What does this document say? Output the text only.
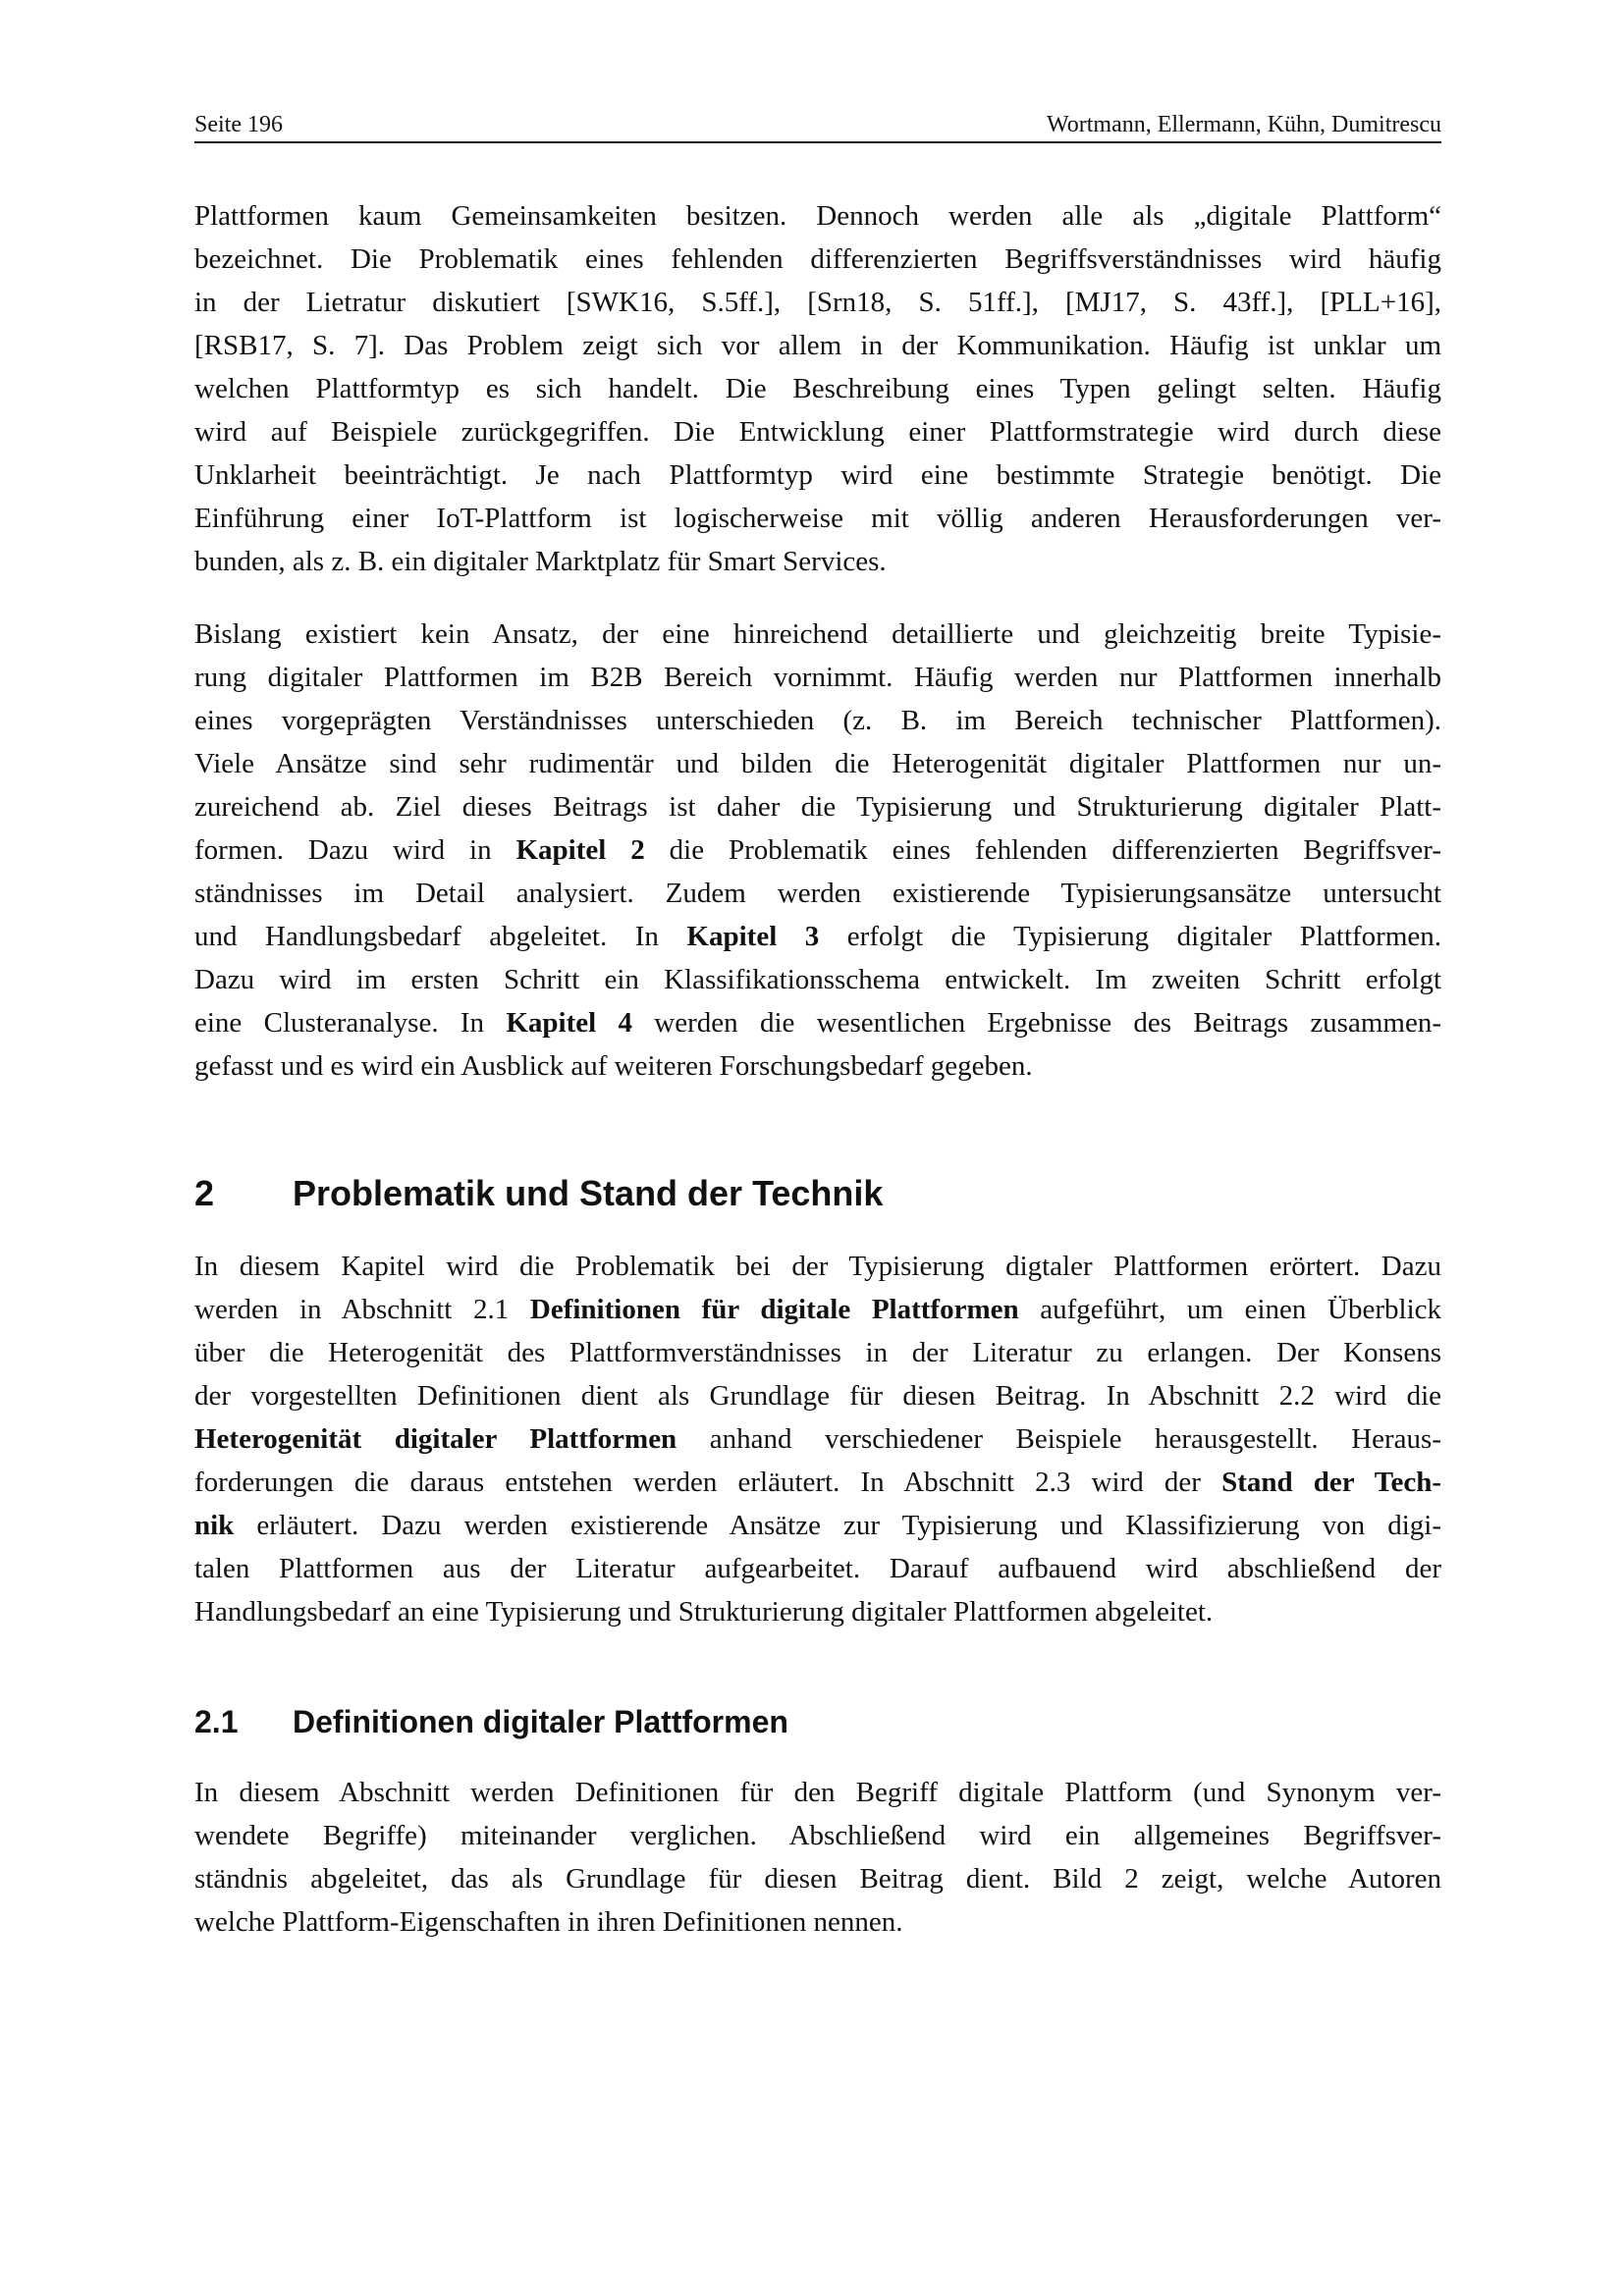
Seite 196	Wortmann, Ellermann, Kühn, Dumitrescu
Plattformen kaum Gemeinsamkeiten besitzen. Dennoch werden alle als „digitale Plattform“
bezeichnet. Die Problematik eines fehlenden differenzierten Begriffsverständnisses wird häufig
in der Lietratur diskutiert [SWK16, S.5ff.], [Srn18, S. 51ff.], [MJ17, S. 43ff.], [PLL+16],
[RSB17, S. 7]. Das Problem zeigt sich vor allem in der Kommunikation. Häufig ist unklar um
welchen Plattformtyp es sich handelt. Die Beschreibung eines Typen gelingt selten. Häufig
wird auf Beispiele zurückgegriffen. Die Entwicklung einer Plattformstrategie wird durch diese
Unklarheit beeinträchtigt. Je nach Plattformtyp wird eine bestimmte Strategie benötigt. Die
Einführung einer IoT-Plattform ist logischerweise mit völlig anderen Herausforderungen ver-
bunden, als z. B. ein digitaler Marktplatz für Smart Services.
Bislang existiert kein Ansatz, der eine hinreichend detaillierte und gleichzeitig breite Typisie-
rung digitaler Plattformen im B2B Bereich vornimmt. Häufig werden nur Plattformen innerhalb
eines vorgeprägten Verständnisses unterschieden (z. B. im Bereich technischer Plattformen).
Viele Ansätze sind sehr rudimentär und bilden die Heterogenität digitaler Plattformen nur un-
zureichend ab. Ziel dieses Beitrags ist daher die Typisierung und Strukturierung digitaler Platt-
formen. Dazu wird in Kapitel 2 die Problematik eines fehlenden differenzierten Begriffsver-
ständnisses im Detail analysiert. Zudem werden existierende Typisierungsansätze untersucht
und Handlungsbedarf abgeleitet. In Kapitel 3 erfolgt die Typisierung digitaler Plattformen.
Dazu wird im ersten Schritt ein Klassifikationsschema entwickelt. Im zweiten Schritt erfolgt
eine Clusteranalyse. In Kapitel 4 werden die wesentlichen Ergebnisse des Beitrags zusammen-
gefasst und es wird ein Ausblick auf weiteren Forschungsbedarf gegeben.
2 Problematik und Stand der Technik
In diesem Kapitel wird die Problematik bei der Typisierung digtaler Plattformen erörtert. Dazu
werden in Abschnitt 2.1 Definitionen für digitale Plattformen aufgeführt, um einen Überblick
über die Heterogenität des Plattformverständnisses in der Literatur zu erlangen. Der Konsens
der vorgestellten Definitionen dient als Grundlage für diesen Beitrag. In Abschnitt 2.2 wird die
Heterogenität digitaler Plattformen anhand verschiedener Beispiele herausgestellt. Heraus-
forderungen die daraus entstehen werden erläutert. In Abschnitt 2.3 wird der Stand der Tech-
nik erläutert. Dazu werden existierende Ansätze zur Typisierung und Klassifizierung von digi-
talen Plattformen aus der Literatur aufgearbeitet. Darauf aufbauend wird abschließend der
Handlungsbedarf an eine Typisierung und Strukturierung digitaler Plattformen abgeleitet.
2.1 Definitionen digitaler Plattformen
In diesem Abschnitt werden Definitionen für den Begriff digitale Plattform (und Synonym ver-
wendete Begriffe) miteinander verglichen. Abschließend wird ein allgemeines Begriffsver-
ständnis abgeleitet, das als Grundlage für diesen Beitrag dient. Bild 2 zeigt, welche Autoren
welche Plattform-Eigenschaften in ihren Definitionen nennen.
